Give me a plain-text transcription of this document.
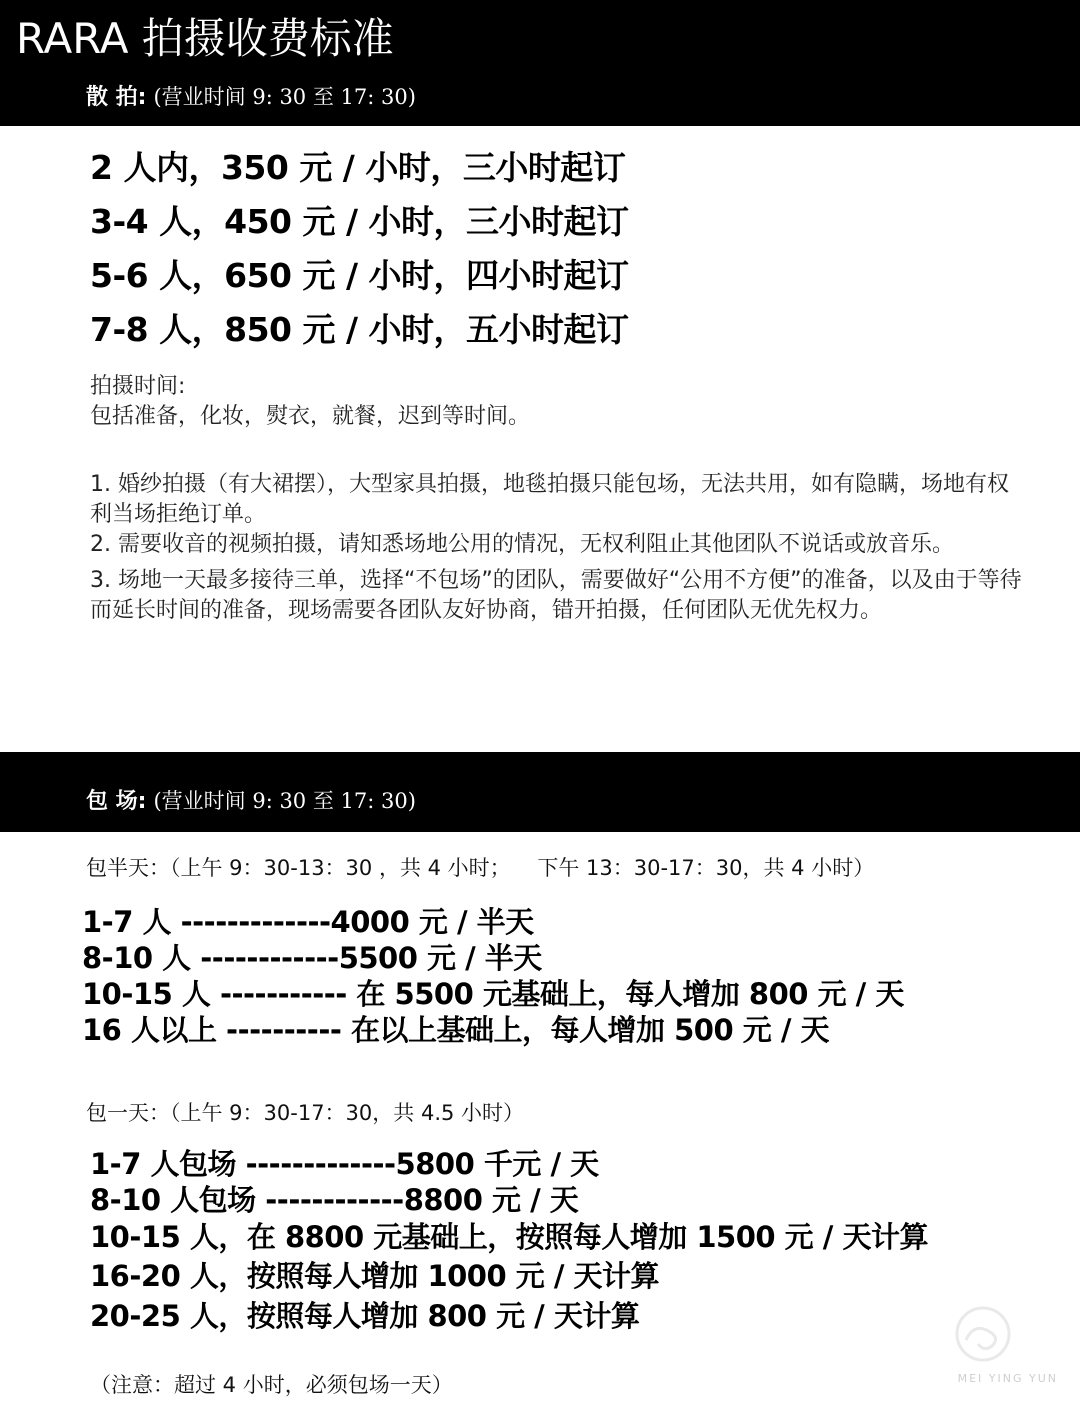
RARA 拍摄收费标准
散 拍: (营业时间 9: 30 至 17: 30)
2 人内，350 元 / 小时，三小时起订
3-4 人，450 元 / 小时，三小时起订
5-6 人，650 元 / 小时，四小时起订
7-8 人，850 元 / 小时，五小时起订

拍摄时间:

包括准备，化妆，熨衣，就餐，迟到等时间。

1. 婚纱拍摄（有大裙摆），大型家具拍摄，地毯拍摄只能包场，无法共用，如有隐瞒，场地有权利当场拒绝订单。

2. 需要收音的视频拍摄，请知悉场地公用的情况，无权利阻止其他团队不说话或放音乐。

3. 场地一天最多接待三单，选择“不包场”的团队，需要做好“公用不方便”的准备，以及由于等待而延长时间的准备，现场需要各团队友好协商，错开拍摄，任何团队无优先权力。

包 场: (营业时间 9: 30 至 17: 30)
包半天：（上午 9：30-13：30 ，共 4 小时；    下午 13：30-17：30，共 4 小时）
1-7 人 -------------4000 元 / 半天
8-10 人 ------------5500 元 / 半天
10-15 人 ----------- 在 5500 元基础上，每人增加 800 元 / 天
16 人以上 ---------- 在以上基础上，每人增加 500 元 / 天
包一天：（上午 9：30-17：30，共 4.5 小时）
1-7 人包场 -------------5800 千元 / 天
8-10 人包场 ------------8800 元 / 天
10-15 人，在 8800 元基础上，按照每人增加 1500 元 / 天计算
16-20 人，按照每人增加 1000 元 / 天计算
20-25 人，按照每人增加 800 元 / 天计算
（注意：超过 4 小时，必须包场一天）	MEI YING YUN
